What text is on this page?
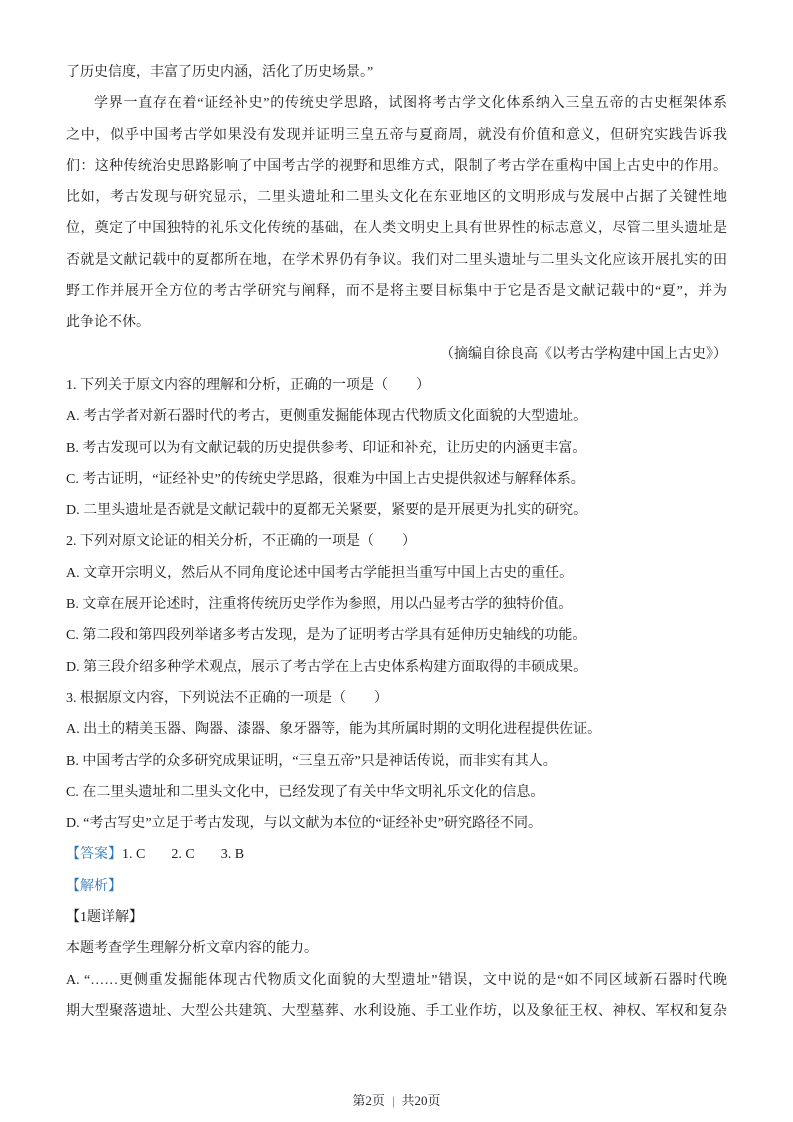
了历史信度，丰富了历史内涵，活化了历史场景。”
学界一直存在着“证经补史”的传统史学思路，试图将考古学文化体系纳入三皇五帝的古史框架体系
之中，似乎中国考古学如果没有发现并证明三皇五帝与夏商周，就没有价值和意义，但研究实践告诉我
们：这种传统治史思路影响了中国考古学的视野和思维方式，限制了考古学在重构中国上古史中的作用。
比如，考古发现与研究显示，二里头遗址和二里头文化在东亚地区的文明形成与发展中占据了关键性地
位，奠定了中国独特的礼乐文化传统的基础，在人类文明史上具有世界性的标志意义，尽管二里头遗址是
否就是文献记载中的夏都所在地，在学术界仍有争议。我们对二里头遗址与二里头文化应该开展扎实的田
野工作并展开全方位的考古学研究与阐释，而不是将主要目标集中于它是否是文献记载中的“夏”，并为
此争论不休。
（摘编自徐良高《以考古学构建中国上古史》）
1. 下列关于原文内容的理解和分析，正确的一项是（　　）
A. 考古学者对新石器时代的考古，更侧重发掘能体现古代物质文化面貌的大型遗址。
B. 考古发现可以为有文献记载的历史提供参考、印证和补充，让历史的内涵更丰富。
C. 考古证明，“证经补史”的传统史学思路，很难为中国上古史提供叙述与解释体系。
D. 二里头遗址是否就是文献记载中的夏都无关紧要，紧要的是开展更为扎实的研究。
2. 下列对原文论证的相关分析，不正确的一项是（　　）
A. 文章开宗明义，然后从不同角度论述中国考古学能担当重写中国上古史的重任。
B. 文章在展开论述时，注重将传统历史学作为参照，用以凸显考古学的独特价值。
C. 第二段和第四段列举诸多考古发现，是为了证明考古学具有延伸历史轴线的功能。
D. 第三段介绍多种学术观点，展示了考古学在上古史体系构建方面取得的丰硕成果。
3. 根据原文内容，下列说法不正确的一项是（　　）
A. 出土的精美玉器、陶器、漆器、象牙器等，能为其所属时期的文明化进程提供佐证。
B. 中国考古学的众多研究成果证明，“三皇五帝”只是神话传说，而非实有其人。
C. 在二里头遗址和二里头文化中，已经发现了有关中华文明礼乐文化的信息。
D. “考古写史”立足于考古发现，与以文献为本位的“证经补史”研究路径不同。
【答案】1. C 2. C 3. B
【解析】
【1题详解】
本题考查学生理解分析文章内容的能力。
A. “……更侧重发掘能体现古代物质文化面貌的大型遗址”错误，文中说的是“如不同区域新石器时代晚
期大型聚落遗址、大型公共建筑、大型墓葬、水利设施、手工业作坊，以及象征王权、神权、军权和复杂
第2页 | 共20页
